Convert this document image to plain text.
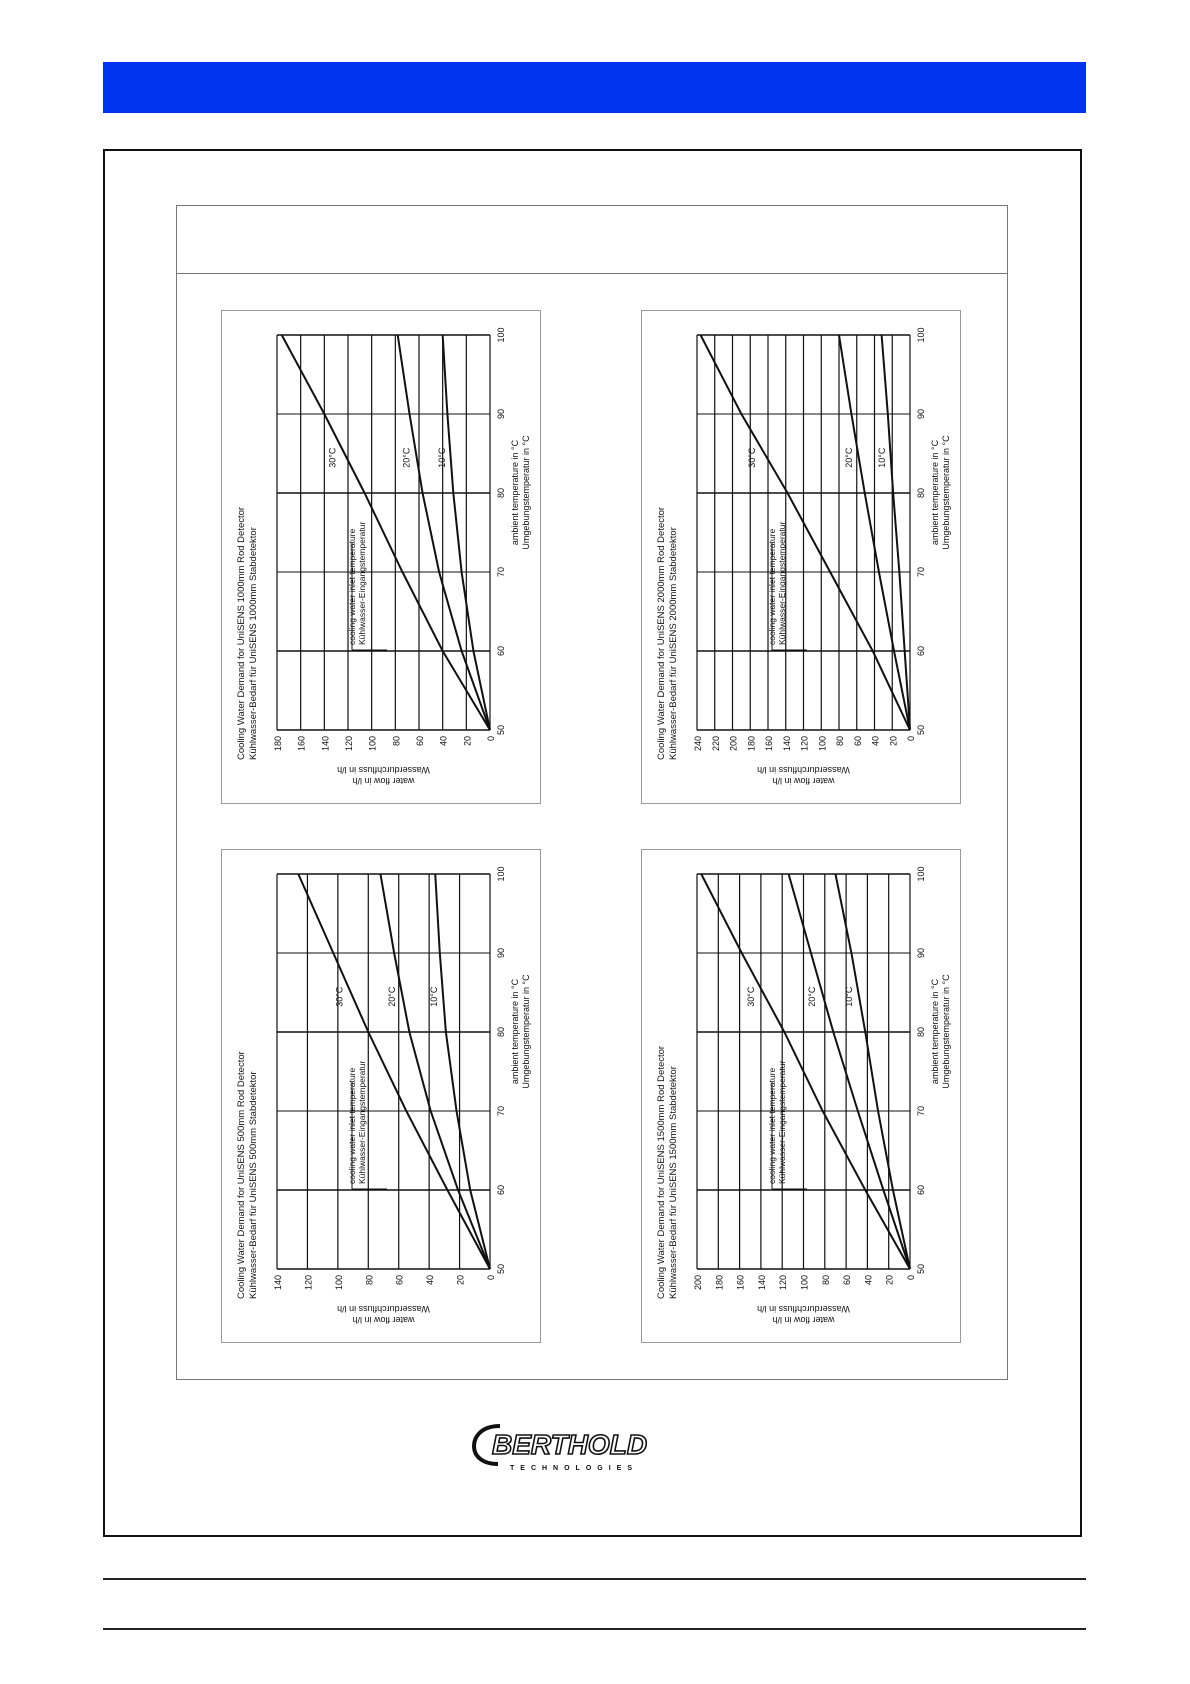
0
20
40
60
80
100
120
140
160
180
50
60
70
80
90
100
30°C	20°C	10°C
cooling water inlet temperature Kühlwasser-Eingangstemperatur
Cooling Water Demand for UniSENS 1000mm Rod Detector Kühlwasser-Bedarf für UniSENS 1000mm Stabdetektor
ambient temperature in °C Umgebungstemperatur in °C
water flow in l/h
Wasserdurchfluss in l/h
0
20
40
60
80
100
120
140
160
180
200
220
240
50
60
70
80
90
100
30°C	20°C	10°C
cooling water inlet temperature Kühlwasser-Eingangstemperatur
Cooling Water Demand for UniSENS 2000mm Rod Detector Kühlwasser-Bedarf für UniSENS 2000mm Stabdetektor
ambient temperature in °C Umgebungstemperatur in °C
water flow in l/h
Wasserdurchfluss in l/h
0
20
40
60
80
100
120
140
50
60
70
80
90
100
30°C	20°C	10°C
cooling water inlet temperature Kühlwasser-Eingangstemperatur
Cooling Water Demand for UniSENS 500mm Rod Detector Kühlwasser-Bedarf für UniSENS 500mm Stabdetektor
ambient temperature in °C Umgebungstemperatur in °C
water flow in l/h
Wasserdurchfluss in l/h
0
20
40
60
80
100
120
140
160
180
200
50
60
70
80
90
100
30°C	20°C	10°C
cooling water inlet temperature Kühlwasser-Eingangstemperatur
Cooling Water Demand for UniSENS 1500mm Rod Detector Kühlwasser-Bedarf für UniSENS 1500mm Stabdetektor
ambient temperature in °C Umgebungstemperatur in °C
water flow in l/h
Wasserdurchfluss in l/h
BERTHOLD
TECHNOLOGIES
